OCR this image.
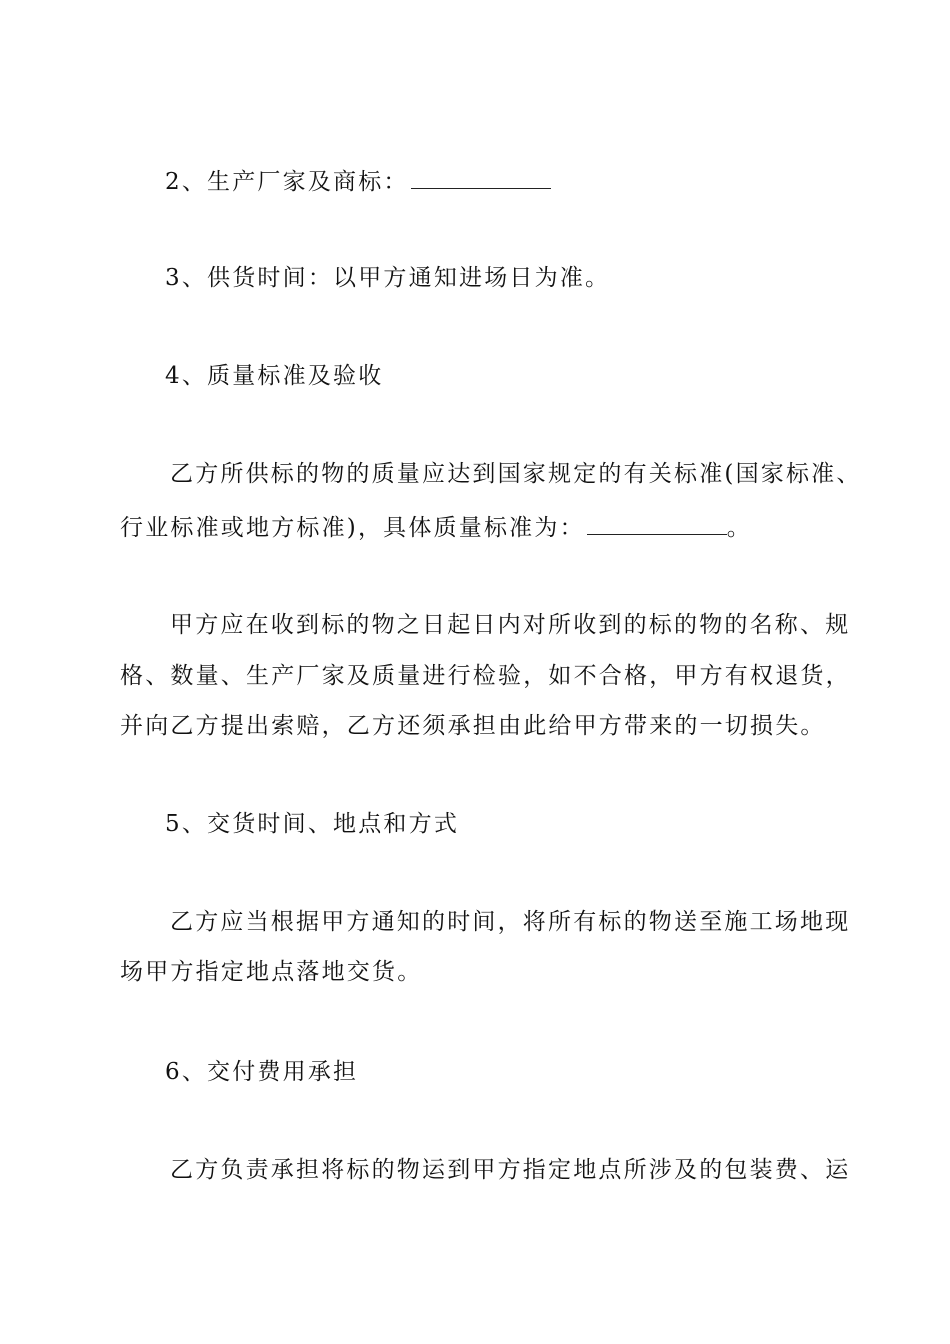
2、生产厂家及商标：
3、供货时间：以甲方通知进场日为准。
4、质量标准及验收
乙方所供标的物的质量应达到国家规定的有关标准(国家标准、
行业标准或地方标准)，具体质量标准为：	。
甲方应在收到标的物之日起日内对所收到的标的物的名称、规
格、数量、生产厂家及质量进行检验，如不合格，甲方有权退货，
并向乙方提出索赔，乙方还须承担由此给甲方带来的一切损失。
5、交货时间、地点和方式
乙方应当根据甲方通知的时间，将所有标的物送至施工场地现
场甲方指定地点落地交货。
6、交付费用承担
乙方负责承担将标的物运到甲方指定地点所涉及的包装费、运
